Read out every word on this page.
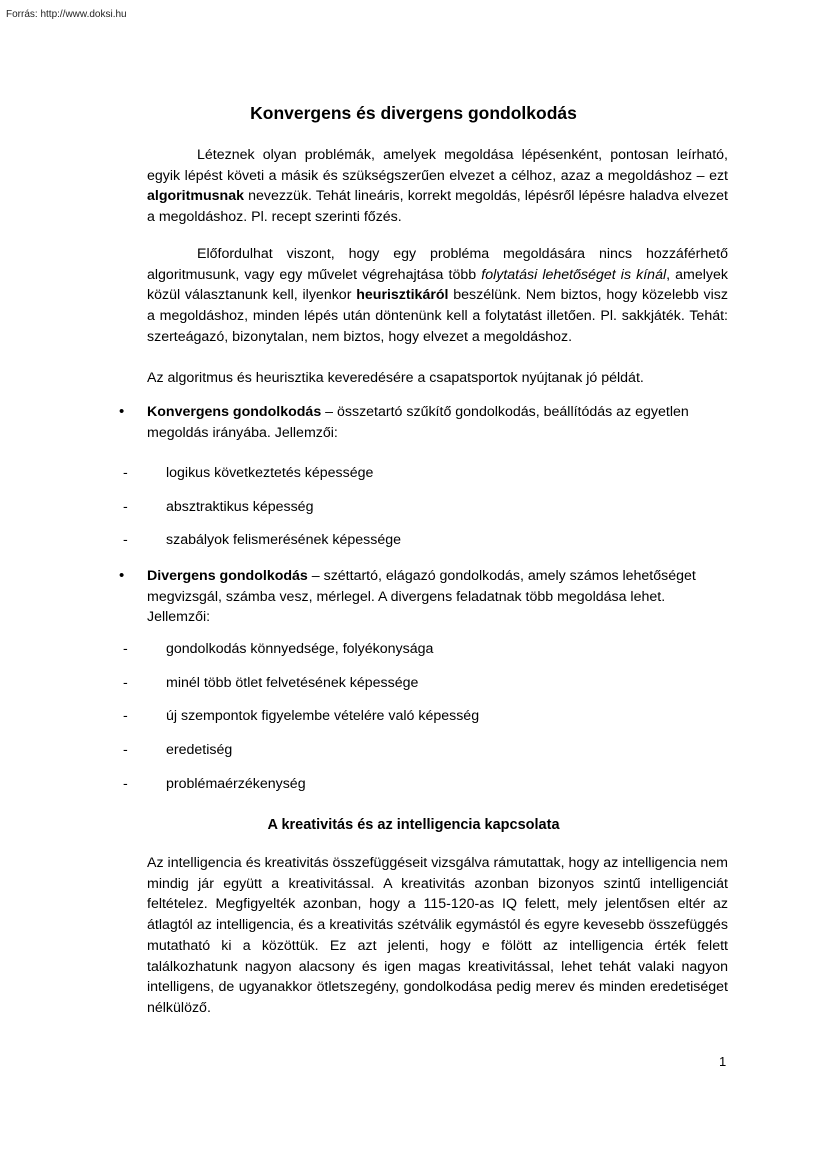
Forrás: http://www.doksi.hu
Konvergens és divergens gondolkodás

Léteznek olyan problémák, amelyek megoldása lépésenként, pontosan leírható, egyik lépést követi a másik és szükségszerűen elvezet a célhoz, azaz a megoldáshoz – ezt algoritmusnak nevezzük. Tehát lineáris, korrekt megoldás, lépésről lépésre haladva elvezet a megoldáshoz. Pl. recept szerinti főzés.

Előfordulhat viszont, hogy egy probléma megoldására nincs hozzáférhető algoritmusunk, vagy egy művelet végrehajtása több folytatási lehetőséget is kínál, amelyek közül választanunk kell, ilyenkor heurisztikáról beszélünk. Nem biztos, hogy közelebb visz a megoldáshoz, minden lépés után döntenünk kell a folytatást illetően. Pl. sakkjáték. Tehát: szerteágazó, bizonytalan, nem biztos, hogy elvezet a megoldáshoz.

Az algoritmus és heurisztika keveredésére a csapatsportok nyújtanak jó példát.

• Konvergens gondolkodás – összetartó szűkítő gondolkodás, beállítódás az egyetlen megoldás irányába. Jellemzői:
-	logikus következtetés képessége
-	absztraktikus képesség
-	szabályok felismerésének képessége
• Divergens gondolkodás – széttartó, elágazó gondolkodás, amely számos lehetőséget megvizsgál, számba vesz, mérlegel. A divergens feladatnak több megoldása lehet. Jellemzői:
-	gondolkodás könnyedsége, folyékonysága
-	minél több ötlet felvetésének képessége
-	új szempontok figyelembe vételére való képesség
-	eredetiség
-	problémaérzékenység
A kreativitás és az intelligencia kapcsolata

Az intelligencia és kreativitás összefüggéseit vizsgálva rámutattak, hogy az intelligencia nem mindig jár együtt a kreativitással. A kreativitás azonban bizonyos szintű intelligenciát feltételez. Megfigyelték azonban, hogy a 115-120-as IQ felett, mely jelentősen eltér az átlagtól az intelligencia, és a kreativitás szétválik egymástól és egyre kevesebb összefüggés mutatható ki a közöttük. Ez azt jelenti, hogy e fölött az intelligencia érték felett találkozhatunk nagyon alacsony és igen magas kreativitással, lehet tehát valaki nagyon intelligens, de ugyanakkor ötletszegény, gondolkodása pedig merev és minden eredetiséget nélkülöző.

1
